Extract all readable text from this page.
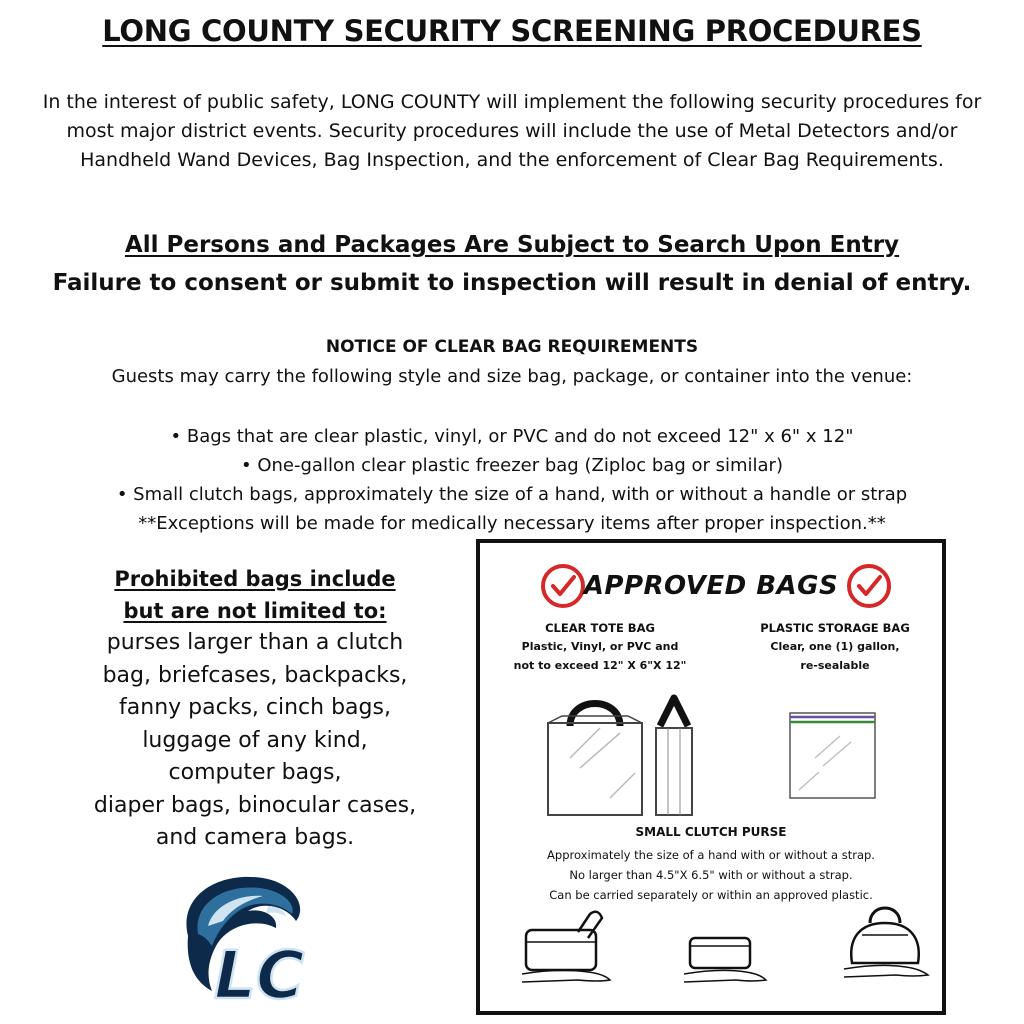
LONG COUNTY SECURITY SCREENING PROCEDURES
In the interest of public safety, LONG COUNTY will implement the following security procedures for most major district events. Security procedures will include the use of Metal Detectors and/or Handheld Wand Devices, Bag Inspection, and the enforcement of Clear Bag Requirements.
All Persons and Packages Are Subject to Search Upon Entry
Failure to consent or submit to inspection will result in denial of entry.
NOTICE OF CLEAR BAG REQUIREMENTS
Guests may carry the following style and size bag, package, or container into the venue:
• Bags that are clear plastic, vinyl, or PVC and do not exceed 12" x 6" x 12"
• One-gallon clear plastic freezer bag (Ziploc bag or similar)
• Small clutch bags, approximately the size of a hand, with or without a handle or strap
**Exceptions will be made for medically necessary items after proper inspection.**
Prohibited bags include
but are not limited to:
purses larger than a clutch
bag, briefcases, backpacks,
fanny packs, cinch bags,
luggage of any kind,
computer bags,
diaper bags, binocular cases,
and camera bags.
LC
APPROVED BAGS
CLEAR TOTE BAG
Plastic, Vinyl, or PVC and
not to exceed 12" X 6"X 12"
PLASTIC STORAGE BAG
Clear, one (1) gallon,
re-sealable
SMALL CLUTCH PURSE
Approximately the size of a hand with or without a strap.
No larger than 4.5"X 6.5" with or without a strap.
Can be carried separately or within an approved plastic.
